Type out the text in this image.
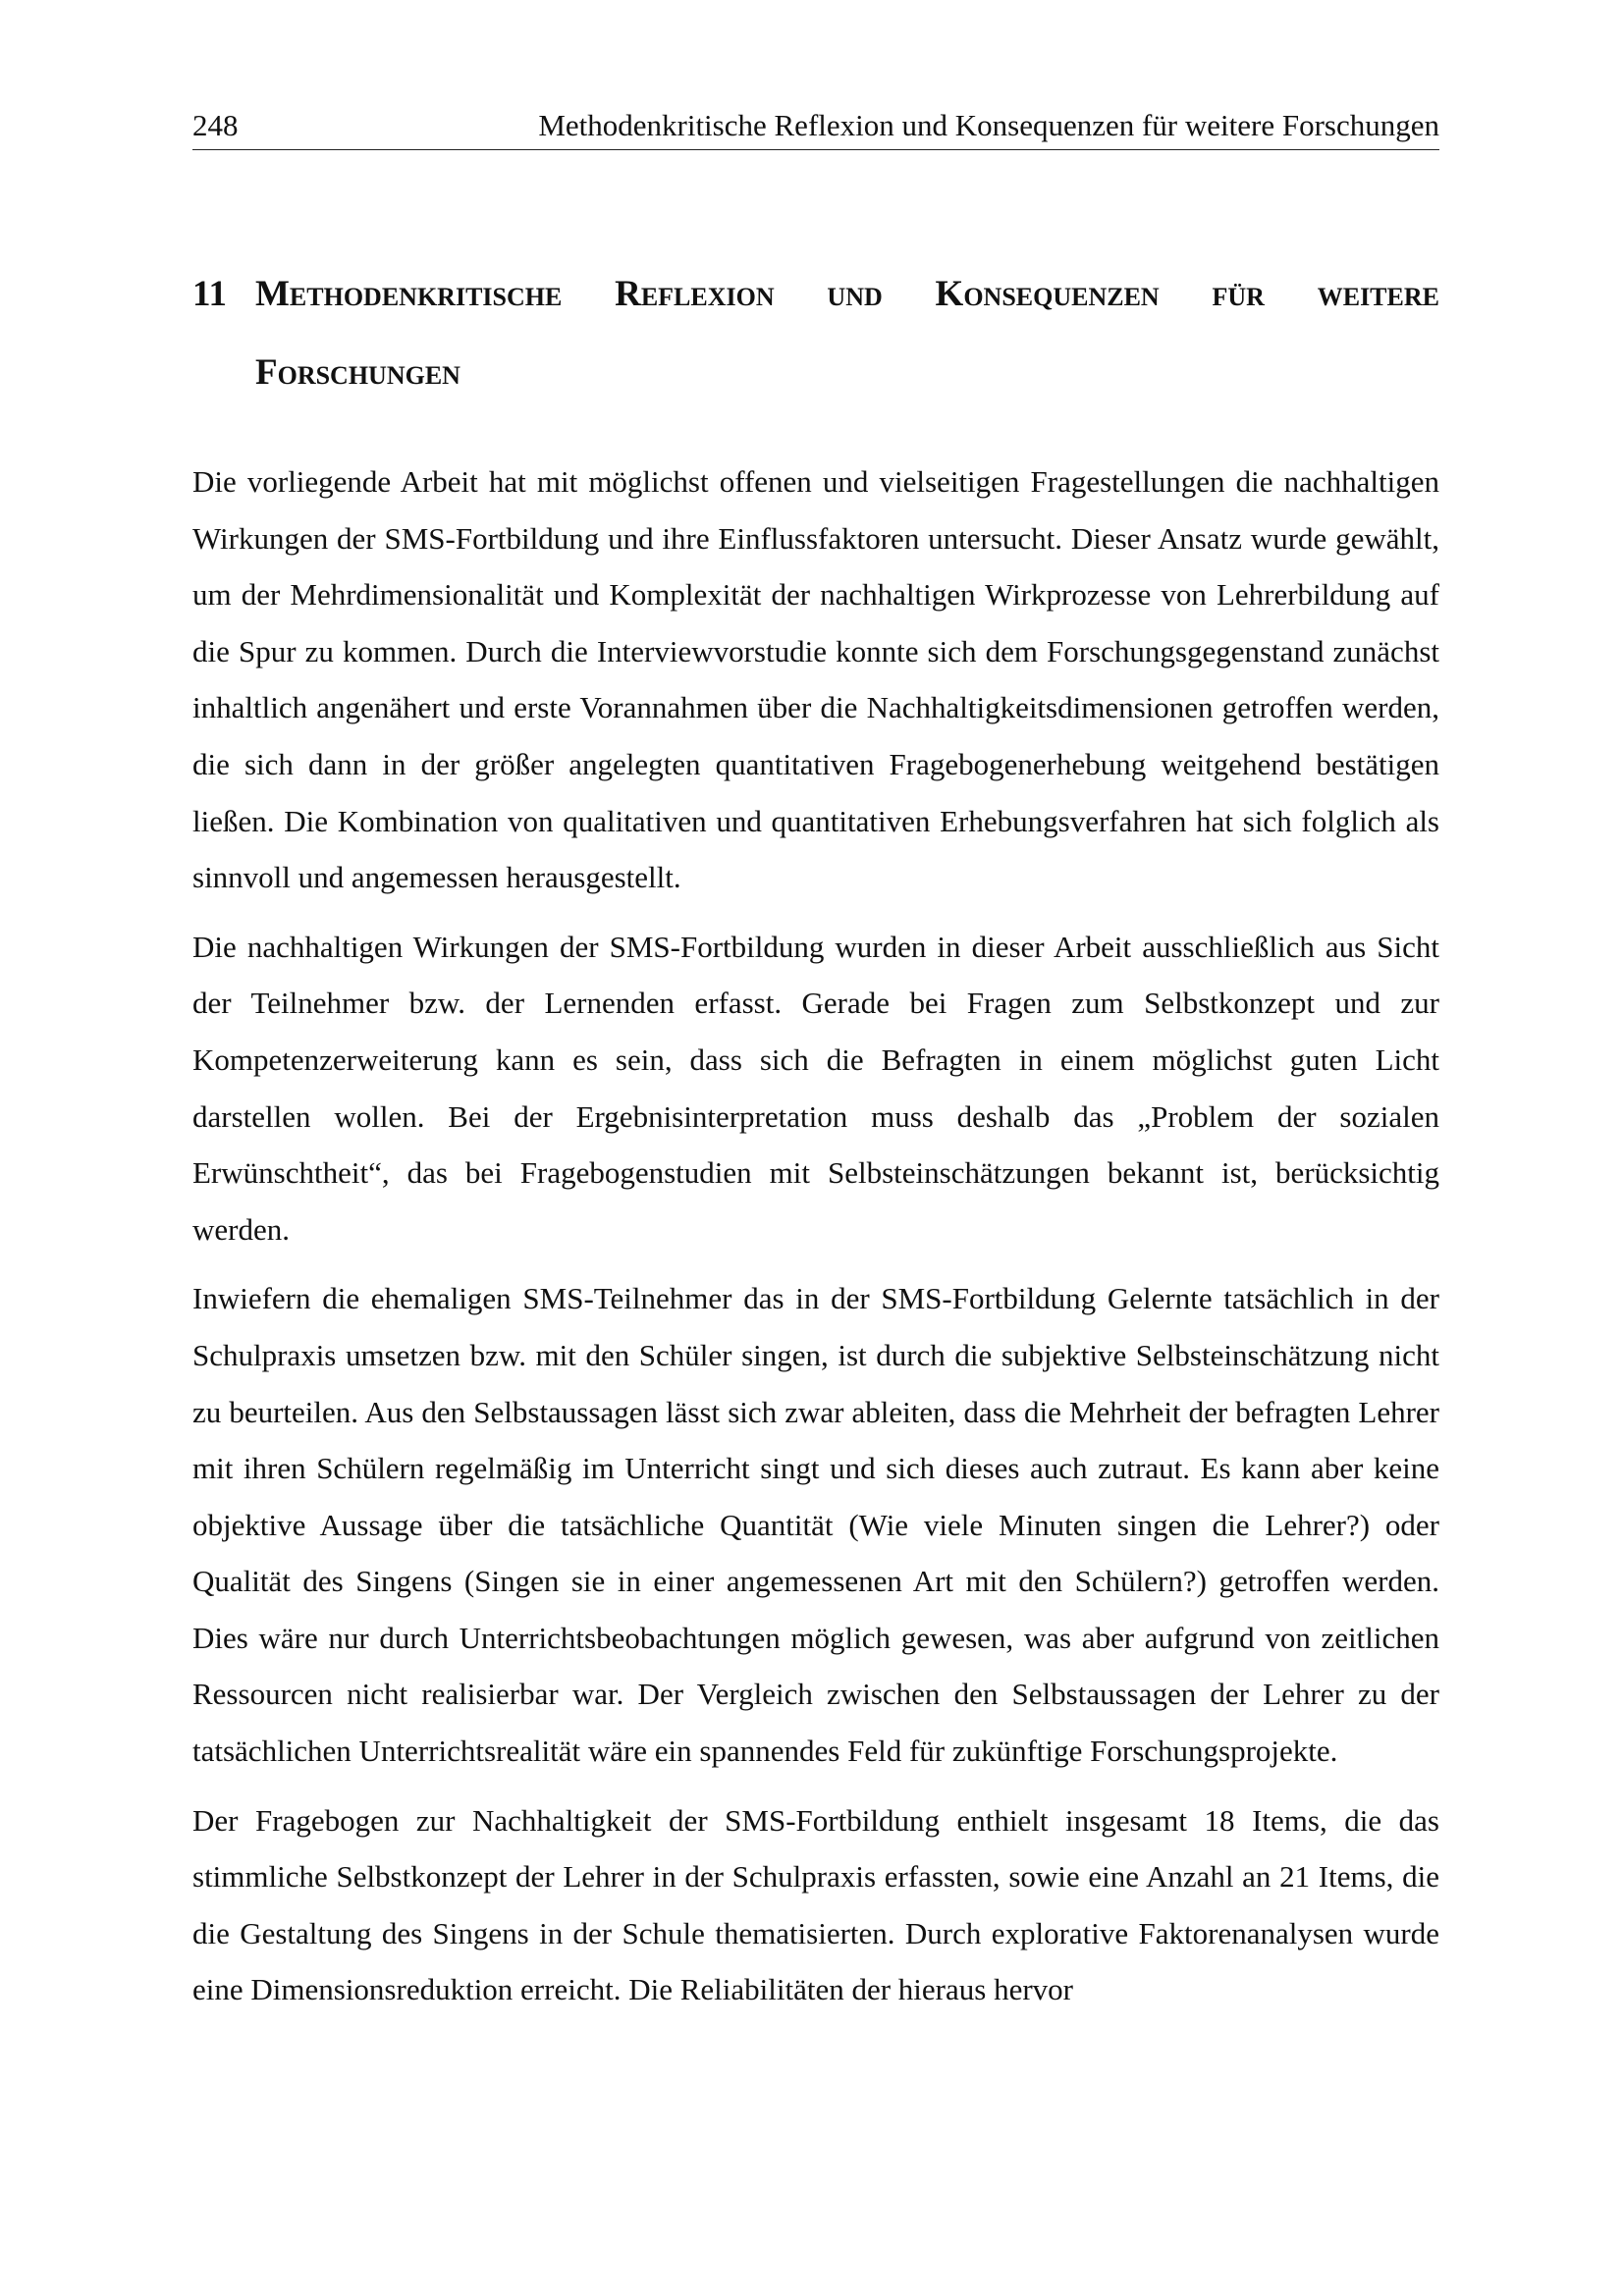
248	Methodenkritische Reflexion und Konsequenzen für weitere Forschungen
11 Methodenkritische Reflexion und Konsequenzen für weitere Forschungen

Die vorliegende Arbeit hat mit möglichst offenen und vielseitigen Fragestellungen die nachhaltigen Wirkungen der SMS-Fortbildung und ihre Einflussfaktoren untersucht. Dieser Ansatz wurde gewählt, um der Mehrdimensionalität und Komplexität der nachhaltigen Wirkprozesse von Lehrerbildung auf die Spur zu kommen. Durch die Interviewvorstudie konnte sich dem Forschungsgegenstand zunächst inhaltlich angenähert und erste Vorannahmen über die Nachhaltigkeitsdimensionen getroffen werden, die sich dann in der größer angelegten quantitativen Fragebogenerhebung weitgehend bestätigen ließen. Die Kombination von qualitativen und quantitativen Erhebungsverfahren hat sich folglich als sinnvoll und angemessen herausgestellt.

Die nachhaltigen Wirkungen der SMS-Fortbildung wurden in dieser Arbeit ausschließlich aus Sicht der Teilnehmer bzw. der Lernenden erfasst. Gerade bei Fragen zum Selbstkonzept und zur Kompetenzerweiterung kann es sein, dass sich die Befragten in einem möglichst guten Licht darstellen wollen. Bei der Ergebnisinterpretation muss deshalb das „Problem der sozialen Erwünschtheit“, das bei Fragebogenstudien mit Selbsteinschätzungen bekannt ist, berücksichtig werden.

Inwiefern die ehemaligen SMS-Teilnehmer das in der SMS-Fortbildung Gelernte tatsächlich in der Schulpraxis umsetzen bzw. mit den Schüler singen, ist durch die subjektive Selbsteinschätzung nicht zu beurteilen. Aus den Selbstaussagen lässt sich zwar ableiten, dass die Mehrheit der befragten Lehrer mit ihren Schülern regelmäßig im Unterricht singt und sich dieses auch zutraut. Es kann aber keine objektive Aussage über die tatsächliche Quantität (Wie viele Minuten singen die Lehrer?) oder Qualität des Singens (Singen sie in einer angemessenen Art mit den Schülern?) getroffen werden. Dies wäre nur durch Unterrichtsbeobachtungen möglich gewesen, was aber aufgrund von zeitlichen Ressourcen nicht realisierbar war. Der Vergleich zwischen den Selbstaussagen der Lehrer zu der tatsächlichen Unterrichtsrealität wäre ein spannendes Feld für zukünftige Forschungsprojekte.

Der Fragebogen zur Nachhaltigkeit der SMS-Fortbildung enthielt insgesamt 18 Items, die das stimmliche Selbstkonzept der Lehrer in der Schulpraxis erfassten, sowie eine Anzahl an 21 Items, die die Gestaltung des Singens in der Schule thematisierten. Durch explorative Faktorenanalysen wurde eine Dimensionsreduktion erreicht. Die Reliabilitäten der hieraus hervor
